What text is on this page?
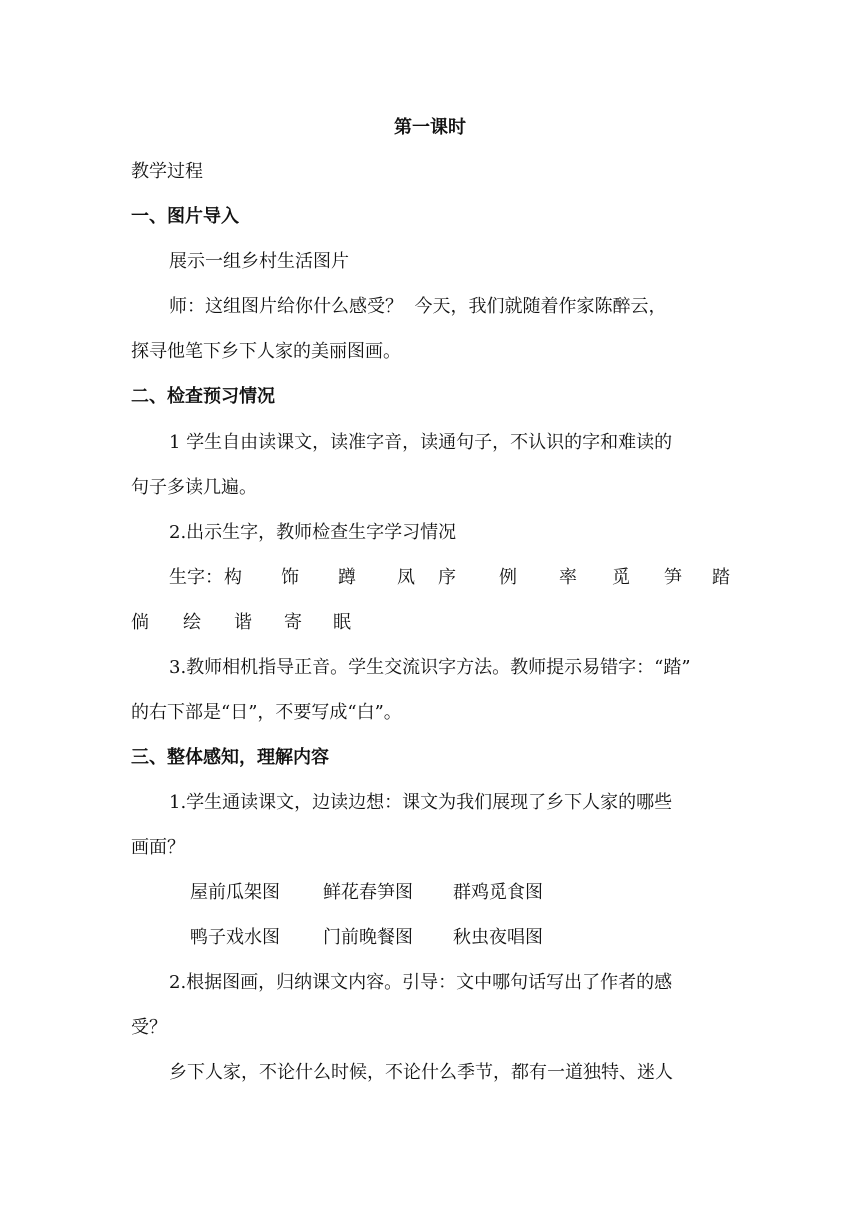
第一课时
教学过程
一、图片导入
展示一组乡村生活图片
师：这组图片给你什么感受？  今天，我们就随着作家陈醉云，
探寻他笔下乡下人家的美丽图画。
二、检查预习情况
1 学生自由读课文，读准字音，读通句子，不认识的字和难读的
句子多读几遍。
2.出示生字，教师检查生字学习情况
生字： 构 饰 蹲 凤 序 例 率 觅 笋 踏
倘 绘 谐 寄 眠
3.教师相机指导正音。学生交流识字方法。教师提示易错字：“踏”
的右下部是“日”，不要写成“白”。
三、整体感知，理解内容
1.学生通读课文，边读边想：课文为我们展现了乡下人家的哪些
画面？
屋前瓜架图 鲜花春笋图 群鸡觅食图
鸭子戏水图 门前晚餐图 秋虫夜唱图
2.根据图画，归纳课文内容。引导：文中哪句话写出了作者的感
受？
乡下人家，不论什么时候，不论什么季节，都有一道独特、迷人
